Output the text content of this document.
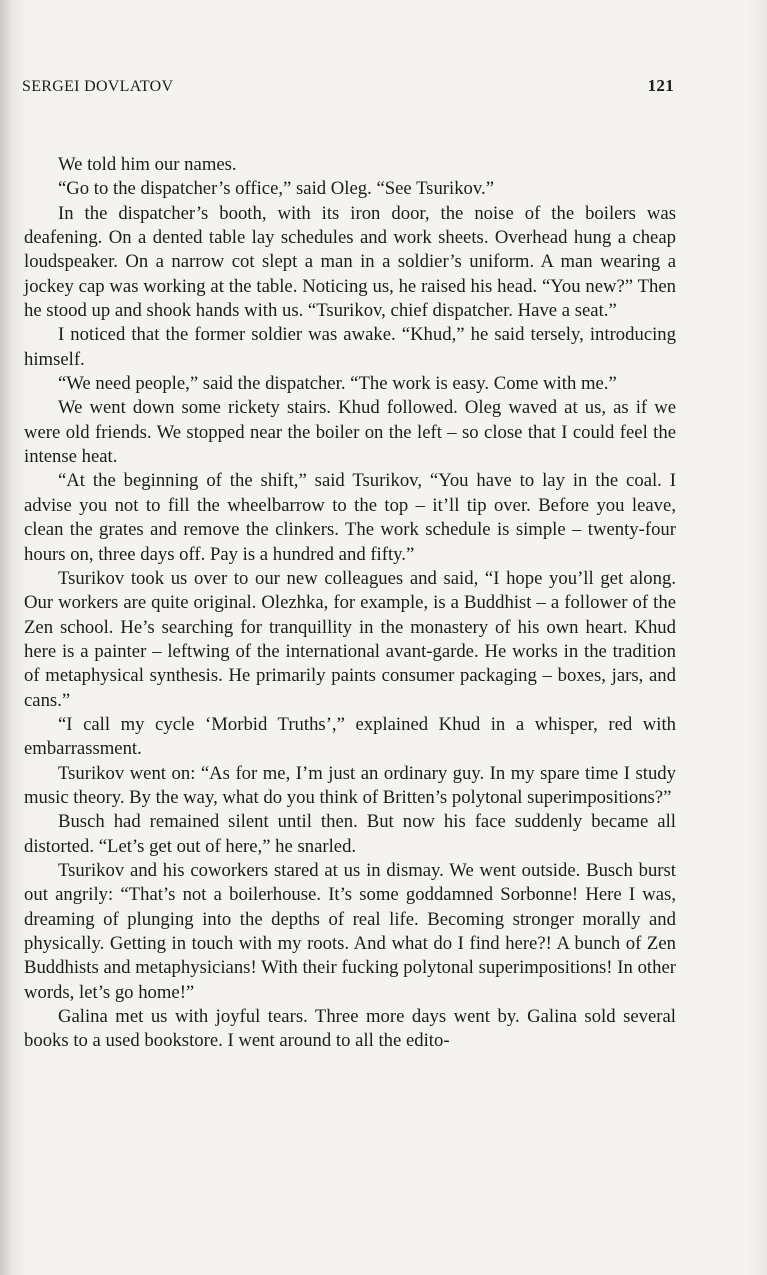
SERGEI DOVLATOV	121

We told him our names.

“Go to the dispatcher’s office,” said Oleg. “See Tsurikov.”

In the dispatcher’s booth, with its iron door, the noise of the boilers was deafening. On a dented table lay schedules and work sheets. Overhead hung a cheap loudspeaker. On a narrow cot slept a man in a soldier’s uniform. A man wearing a jockey cap was working at the table. Noticing us, he raised his head. “You new?” Then he stood up and shook hands with us. “Tsurikov, chief dispatcher. Have a seat.”

I noticed that the former soldier was awake. “Khud,” he said tersely, introducing himself.

“We need people,” said the dispatcher. “The work is easy. Come with me.”

We went down some rickety stairs. Khud followed. Oleg waved at us, as if we were old friends. We stopped near the boiler on the left – so close that I could feel the intense heat.

“At the beginning of the shift,” said Tsurikov, “You have to lay in the coal. I advise you not to fill the wheelbarrow to the top – it’ll tip over. Before you leave, clean the grates and remove the clinkers. The work schedule is simple – twenty-four hours on, three days off. Pay is a hundred and fifty.”

Tsurikov took us over to our new colleagues and said, “I hope you’ll get along. Our workers are quite original. Olezhka, for example, is a Buddhist – a follower of the Zen school. He’s searching for tranquillity in the monastery of his own heart. Khud here is a painter – leftwing of the international avant-garde. He works in the tradition of metaphysical synthesis. He primarily paints consumer packaging – boxes, jars, and cans.”

“I call my cycle ‘Morbid Truths’,” explained Khud in a whisper, red with embarrassment.

Tsurikov went on: “As for me, I’m just an ordinary guy. In my spare time I study music theory. By the way, what do you think of Britten’s polytonal superimpositions?”

Busch had remained silent until then. But now his face suddenly became all distorted. “Let’s get out of here,” he snarled.

Tsurikov and his coworkers stared at us in dismay. We went outside. Busch burst out angrily: “That’s not a boilerhouse. It’s some goddamned Sorbonne! Here I was, dreaming of plunging into the depths of real life. Becoming stronger morally and physically. Getting in touch with my roots. And what do I find here?! A bunch of Zen Buddhists and metaphysicians! With their fucking polytonal superimpositions! In other words, let’s go home!”

Galina met us with joyful tears. Three more days went by. Galina sold several books to a used bookstore. I went around to all the edito-
